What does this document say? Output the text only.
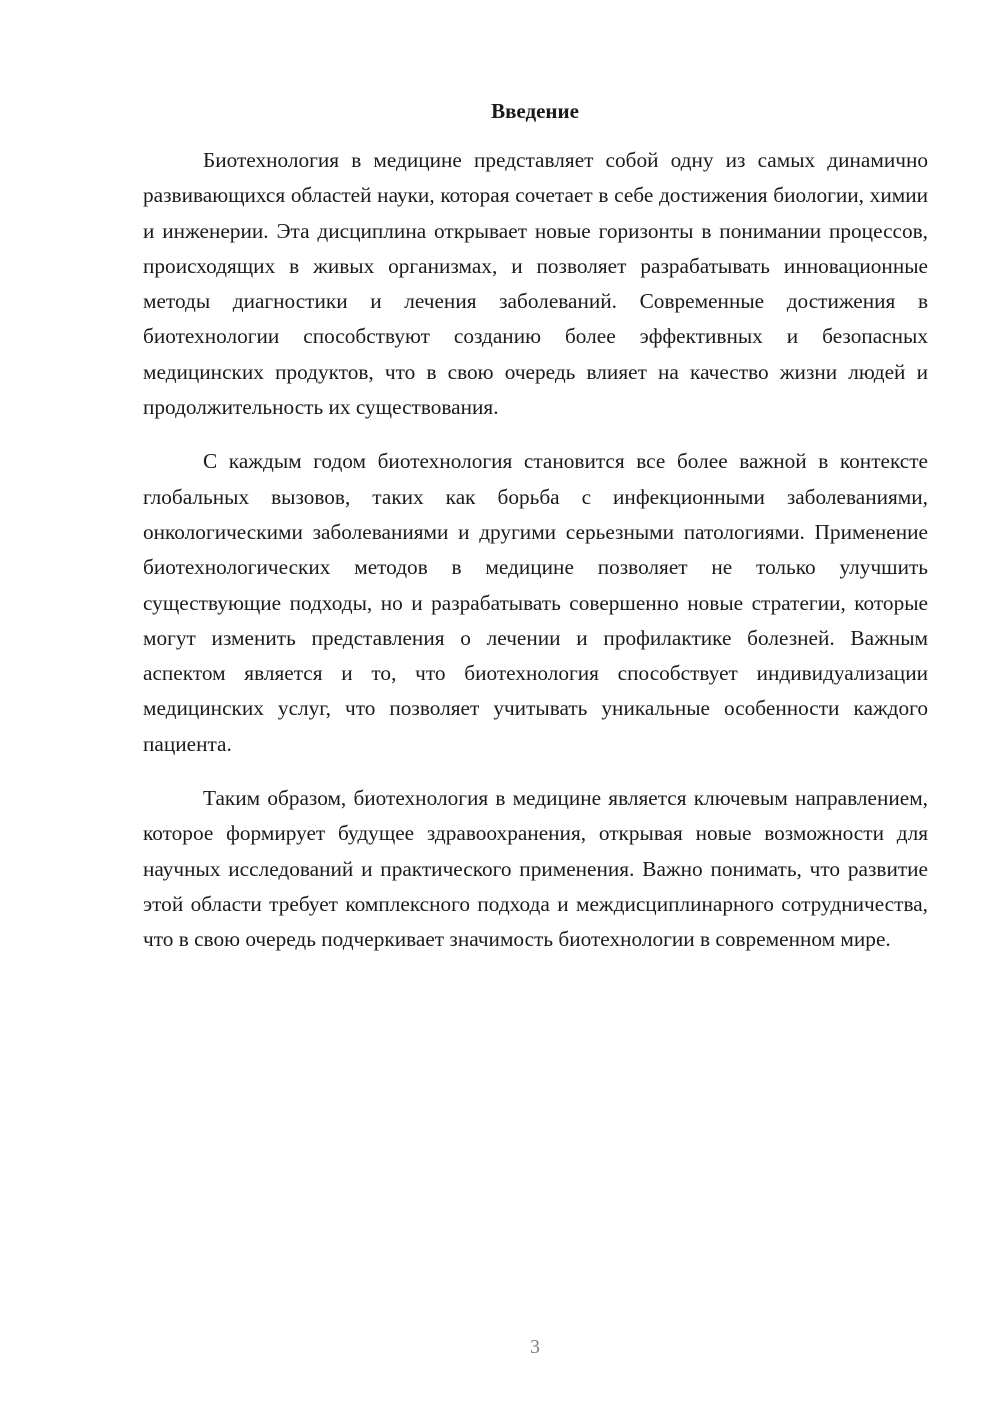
Введение

Биотехнология в медицине представляет собой одну из самых динамично развивающихся областей науки, которая сочетает в себе достижения биологии, химии и инженерии. Эта дисциплина открывает новые горизонты в понимании процессов, происходящих в живых организмах, и позволяет разрабатывать инновационные методы диагностики и лечения заболеваний. Современные достижения в биотехнологии способствуют созданию более эффективных и безопасных медицинских продуктов, что в свою очередь влияет на качество жизни людей и продолжительность их существования.

С каждым годом биотехнология становится все более важной в контексте глобальных вызовов, таких как борьба с инфекционными заболеваниями, онкологическими заболеваниями и другими серьезными патологиями. Применение биотехнологических методов в медицине позволяет не только улучшить существующие подходы, но и разрабатывать совершенно новые стратегии, которые могут изменить представления о лечении и профилактике болезней. Важным аспектом является и то, что биотехнология способствует индивидуализации медицинских услуг, что позволяет учитывать уникальные особенности каждого пациента.

Таким образом, биотехнология в медицине является ключевым направлением, которое формирует будущее здравоохранения, открывая новые возможности для научных исследований и практического применения. Важно понимать, что развитие этой области требует комплексного подхода и междисциплинарного сотрудничества, что в свою очередь подчеркивает значимость биотехнологии в современном мире.

3
